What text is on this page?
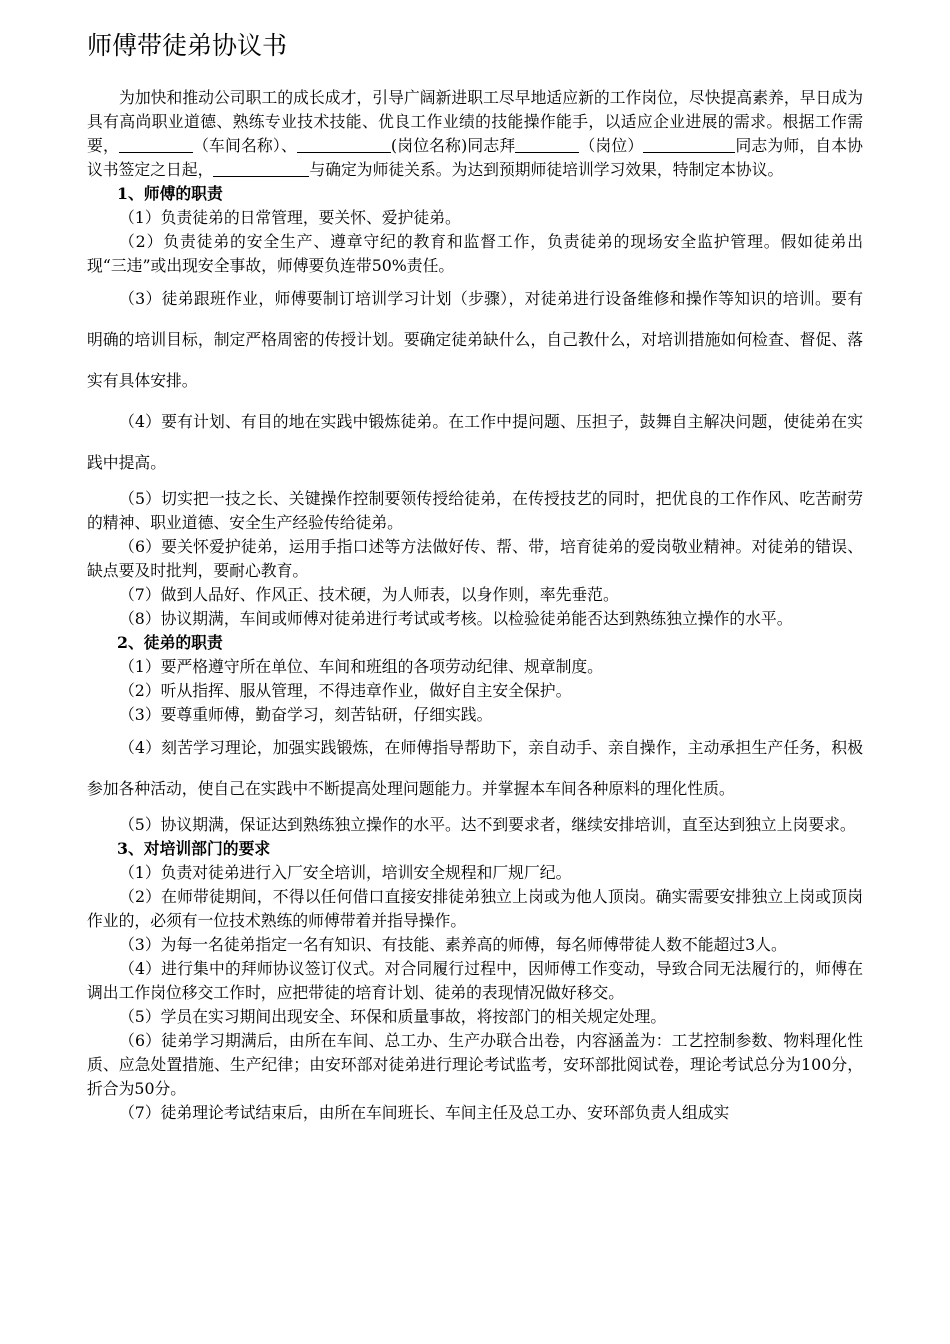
师傅带徒弟协议书

为加快和推动公司职工的成长成才，引导广阔新进职工尽早地适应新的工作岗位，尽快提高素养，早日成为具有高尚职业道德、熟练专业技术技能、优良工作业绩的技能操作能手，以适应企业进展的需求。根据工作需要，	（车间名称）、	(岗位名称)同志拜	（岗位）	同志为师，自本协议书签定之日起，	与确定为师徒关系。为达到预期师徒培训学习效果，特制定本协议。

1、师傅的职责

（1）负责徒弟的日常管理，要关怀、爱护徒弟。

（2）负责徒弟的安全生产、遵章守纪的教育和监督工作，负责徒弟的现场安全监护管理。假如徒弟出现“三违”或出现安全事故，师傅要负连带50%责任。

（3）徒弟跟班作业，师傅要制订培训学习计划（步骤），对徒弟进行设备维修和操作等知识的培训。要有明确的培训目标，制定严格周密的传授计划。要确定徒弟缺什么，自己教什么，对培训措施如何检查、督促、落实有具体安排。

（4）要有计划、有目的地在实践中锻炼徒弟。在工作中提问题、压担子，鼓舞自主解决问题，使徒弟在实践中提高。

（5）切实把一技之长、关键操作控制要领传授给徒弟，在传授技艺的同时，把优良的工作作风、吃苦耐劳的精神、职业道德、安全生产经验传给徒弟。

（6）要关怀爱护徒弟，运用手指口述等方法做好传、帮、带，培育徒弟的爱岗敬业精神。对徒弟的错误、缺点要及时批判，要耐心教育。

（7）做到人品好、作风正、技术硬，为人师表，以身作则，率先垂范。

（8）协议期满，车间或师傅对徒弟进行考试或考核。以检验徒弟能否达到熟练独立操作的水平。

2、徒弟的职责

（1）要严格遵守所在单位、车间和班组的各项劳动纪律、规章制度。

（2）听从指挥、服从管理，不得违章作业，做好自主安全保护。

（3）要尊重师傅，勤奋学习，刻苦钻研，仔细实践。

（4）刻苦学习理论，加强实践锻炼，在师傅指导帮助下，亲自动手、亲自操作，主动承担生产任务，积极参加各种活动，使自己在实践中不断提高处理问题能力。并掌握本车间各种原料的理化性质。

（5）协议期满，保证达到熟练独立操作的水平。达不到要求者，继续安排培训，直至达到独立上岗要求。

3、对培训部门的要求

（1）负责对徒弟进行入厂安全培训，培训安全规程和厂规厂纪。

（2）在师带徒期间，不得以任何借口直接安排徒弟独立上岗或为他人顶岗。确实需要安排独立上岗或顶岗作业的，必须有一位技术熟练的师傅带着并指导操作。

（3）为每一名徒弟指定一名有知识、有技能、素养高的师傅，每名师傅带徒人数不能超过3人。

（4）进行集中的拜师协议签订仪式。对合同履行过程中，因师傅工作变动，导致合同无法履行的，师傅在调出工作岗位移交工作时，应把带徒的培育计划、徒弟的表现情况做好移交。

（5）学员在实习期间出现安全、环保和质量事故，将按部门的相关规定处理。

（6）徒弟学习期满后，由所在车间、总工办、生产办联合出卷，内容涵盖为：工艺控制参数、物料理化性质、应急处置措施、生产纪律；由安环部对徒弟进行理论考试监考，安环部批阅试卷，理论考试总分为100分，折合为50分。

（7）徒弟理论考试结束后，由所在车间班长、车间主任及总工办、安环部负责人组成实
